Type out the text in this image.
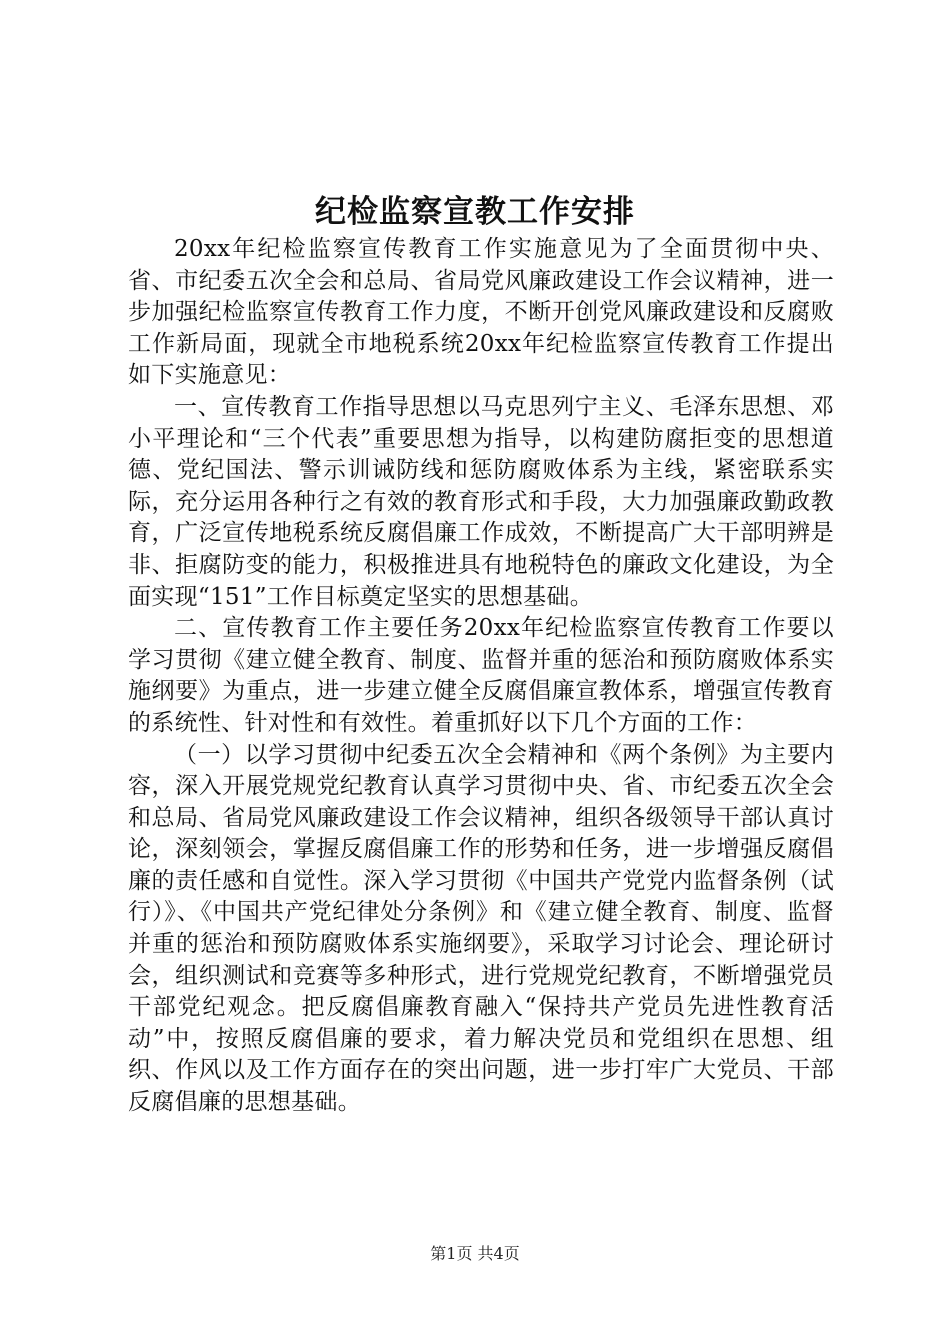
纪检监察宣教工作安排

20xx年纪检监察宣传教育工作实施意见为了全面贯彻中央、省、市纪委五次全会和总局、省局党风廉政建设工作会议精神，进一步加强纪检监察宣传教育工作力度，不断开创党风廉政建设和反腐败工作新局面，现就全市地税系统20xx年纪检监察宣传教育工作提出如下实施意见：

一、宣传教育工作指导思想以马克思列宁主义、毛泽东思想、邓小平理论和“三个代表”重要思想为指导，以构建防腐拒变的思想道德、党纪国法、警示训诫防线和惩防腐败体系为主线，紧密联系实际，充分运用各种行之有效的教育形式和手段，大力加强廉政勤政教育，广泛宣传地税系统反腐倡廉工作成效，不断提高广大干部明辨是非、拒腐防变的能力，积极推进具有地税特色的廉政文化建设，为全面实现“151”工作目标奠定坚实的思想基础。

二、宣传教育工作主要任务20xx年纪检监察宣传教育工作要以学习贯彻《建立健全教育、制度、监督并重的惩治和预防腐败体系实施纲要》为重点，进一步建立健全反腐倡廉宣教体系，增强宣传教育的系统性、针对性和有效性。着重抓好以下几个方面的工作：

（一）以学习贯彻中纪委五次全会精神和《两个条例》为主要内容，深入开展党规党纪教育认真学习贯彻中央、省、市纪委五次全会和总局、省局党风廉政建设工作会议精神，组织各级领导干部认真讨论，深刻领会，掌握反腐倡廉工作的形势和任务，进一步增强反腐倡廉的责任感和自觉性。深入学习贯彻《中国共产党党内监督条例（试行）》、《中国共产党纪律处分条例》和《建立健全教育、制度、监督并重的惩治和预防腐败体系实施纲要》，采取学习讨论会、理论研讨会，组织测试和竞赛等多种形式，进行党规党纪教育，不断增强党员干部党纪观念。把反腐倡廉教育融入“保持共产党员先进性教育活动”中，按照反腐倡廉的要求，着力解决党员和党组织在思想、组织、作风以及工作方面存在的突出问题，进一步打牢广大党员、干部反腐倡廉的思想基础。

第1页 共4页
